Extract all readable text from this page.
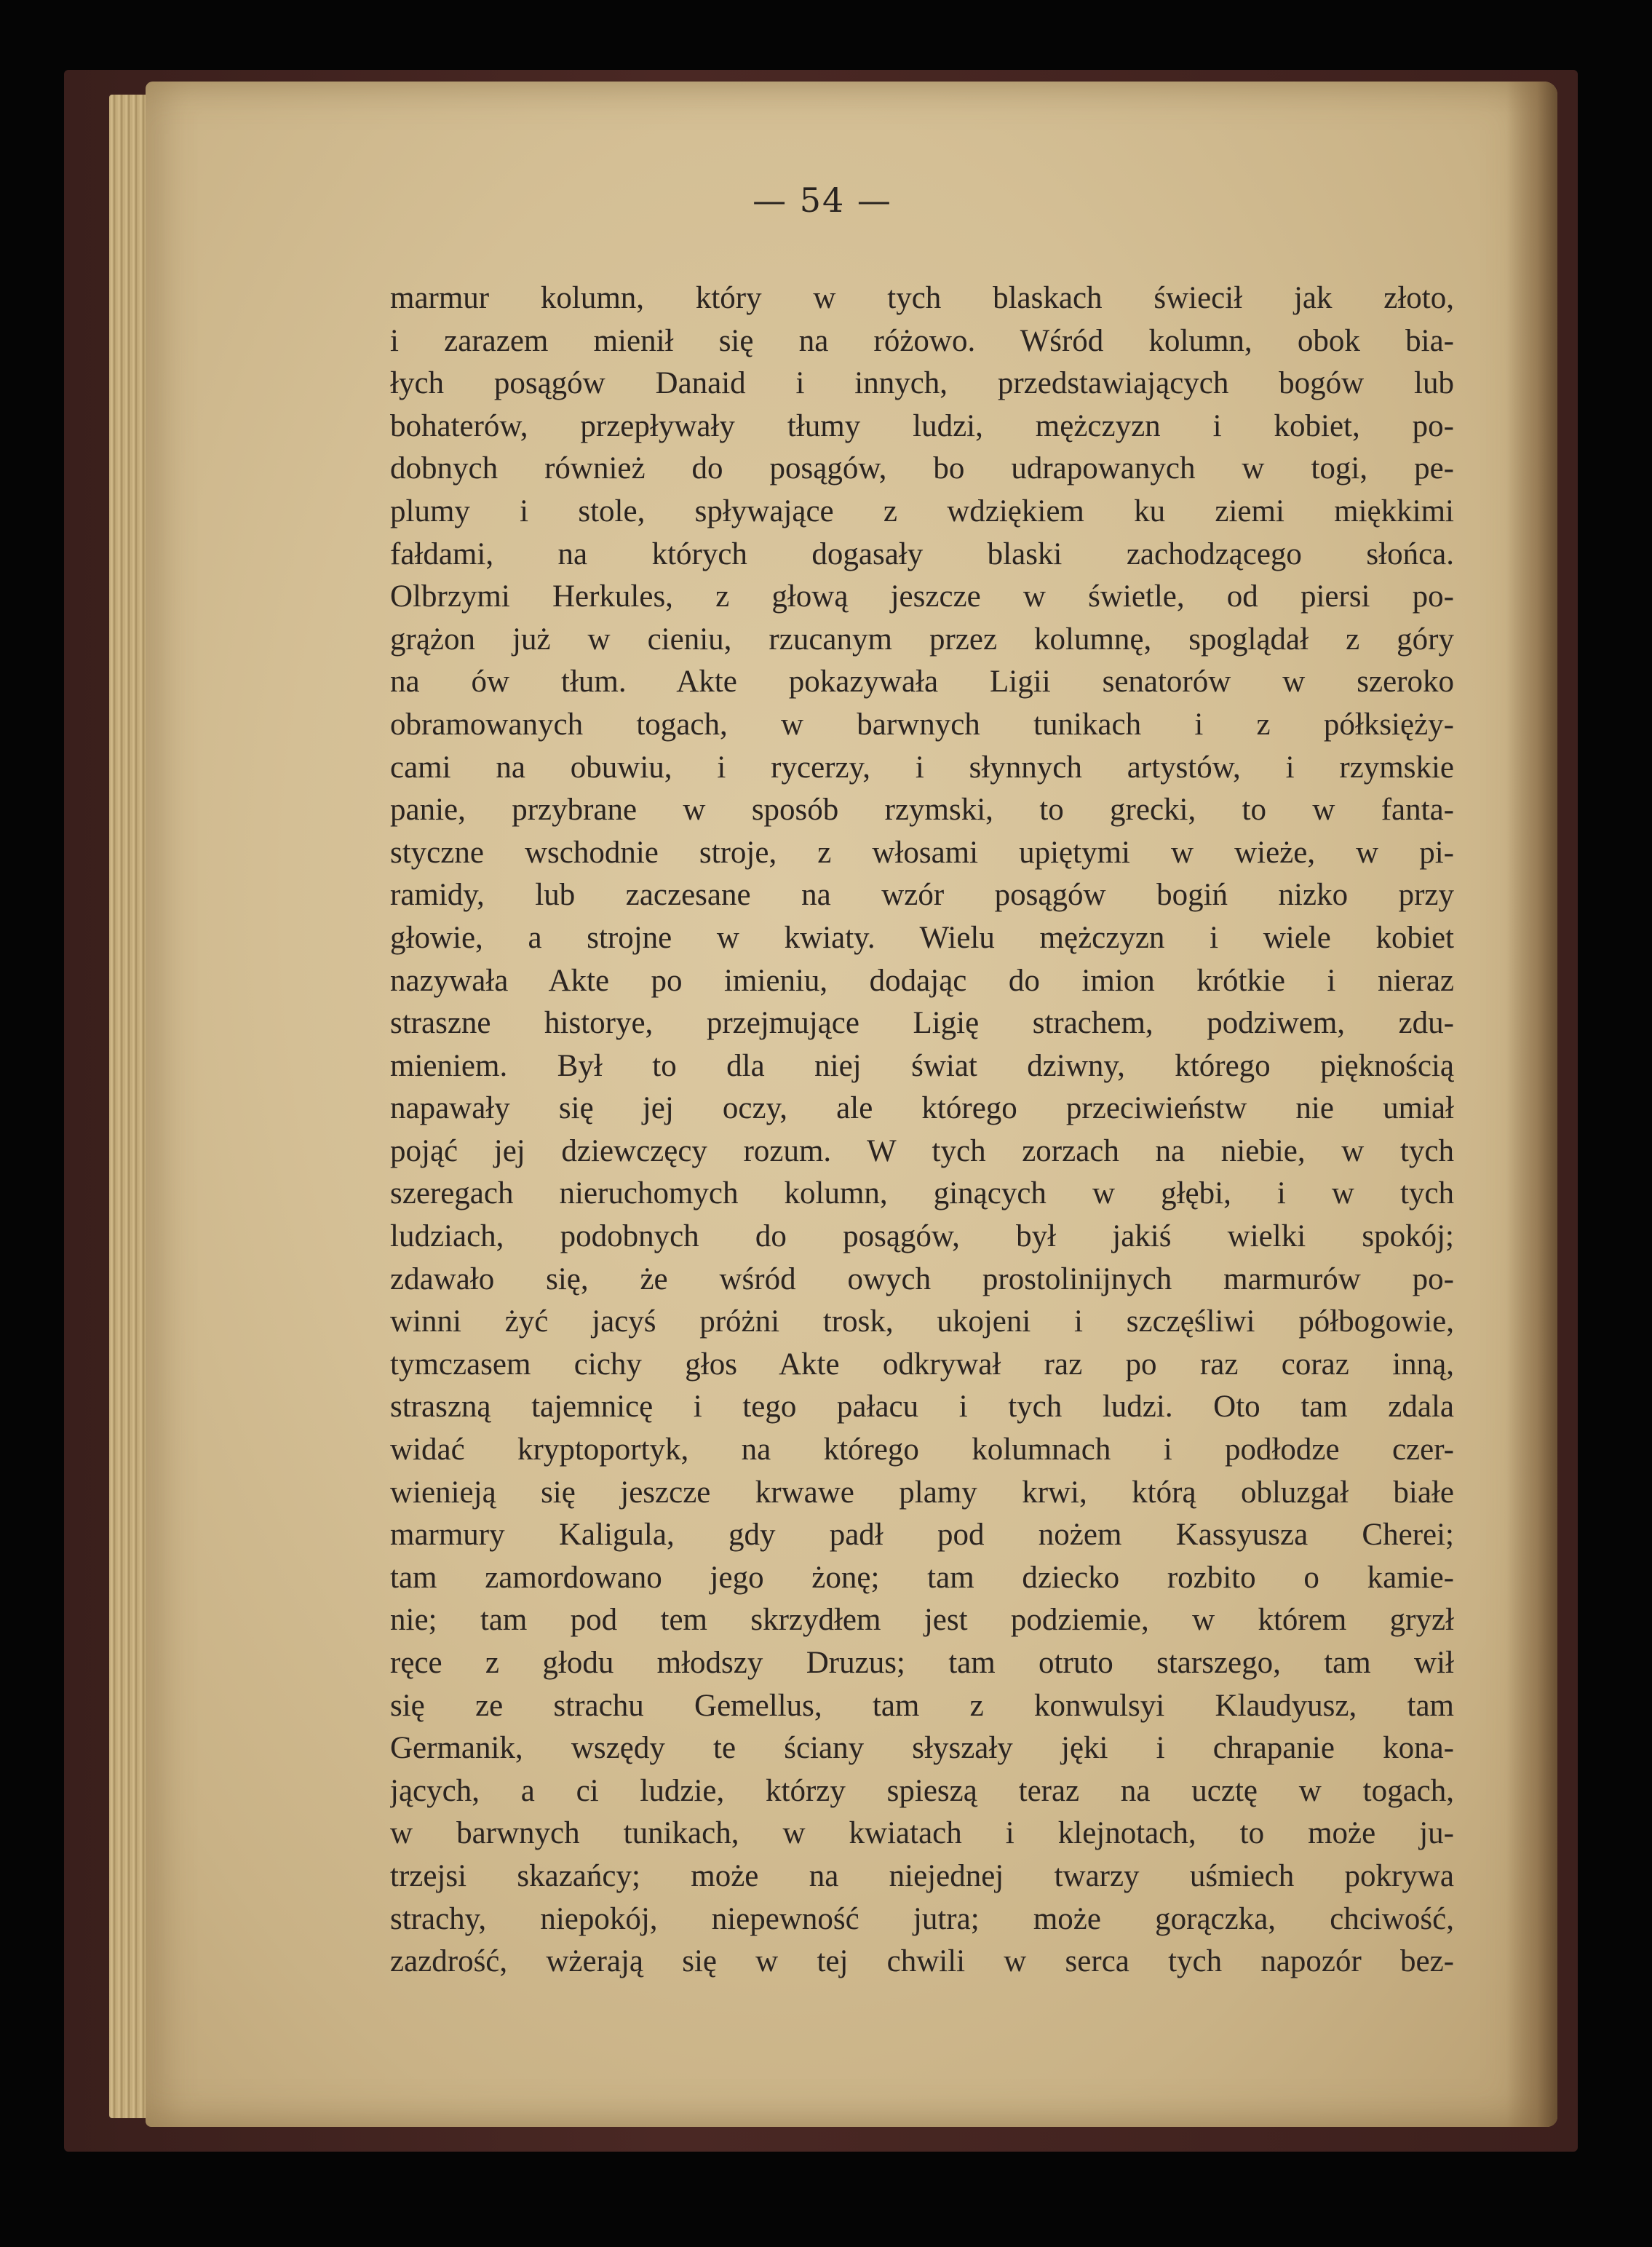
— 54 —
marmur kolumn, który w tych blaskach świecił jak złoto,
i zarazem mienił się na różowo. Wśród kolumn, obok bia-
łych posągów Danaid i innych, przedstawiających bogów lub
bohaterów, przepływały tłumy ludzi, mężczyzn i kobiet, po-
dobnych również do posągów, bo udrapowanych w togi, pe-
plumy i stole, spływające z wdziękiem ku ziemi miękkimi
fałdami, na których dogasały blaski zachodzącego słońca.
Olbrzymi Herkules, z głową jeszcze w świetle, od piersi po-
grążon już w cieniu, rzucanym przez kolumnę, spoglądał z góry
na ów tłum. Akte pokazywała Ligii senatorów w szeroko
obramowanych togach, w barwnych tunikach i z półksięży-
cami na obuwiu, i rycerzy, i słynnych artystów, i rzymskie
panie, przybrane w sposób rzymski, to grecki, to w fanta-
styczne wschodnie stroje, z włosami upiętymi w wieże, w pi-
ramidy, lub zaczesane na wzór posągów bogiń nizko przy
głowie, a strojne w kwiaty. Wielu mężczyzn i wiele kobiet
nazywała Akte po imieniu, dodając do imion krótkie i nieraz
straszne historye, przejmujące Ligię strachem, podziwem, zdu-
mieniem. Był to dla niej świat dziwny, którego pięknością
napawały się jej oczy, ale którego przeciwieństw nie umiał
pojąć jej dziewczęcy rozum. W tych zorzach na niebie, w tych
szeregach nieruchomych kolumn, ginących w głębi, i w tych
ludziach, podobnych do posągów, był jakiś wielki spokój;
zdawało się, że wśród owych prostolinijnych marmurów po-
winni żyć jacyś próżni trosk, ukojeni i szczęśliwi półbogowie,
tymczasem cichy głos Akte odkrywał raz po raz coraz inną,
straszną tajemnicę i tego pałacu i tych ludzi. Oto tam zdala
widać kryptoportyk, na którego kolumnach i podłodze czer-
wienieją się jeszcze krwawe plamy krwi, którą obluzgał białe
marmury Kaligula, gdy padł pod nożem Kassyusza Cherei;
tam zamordowano jego żonę; tam dziecko rozbito o kamie-
nie; tam pod tem skrzydłem jest podziemie, w którem gryzł
ręce z głodu młodszy Druzus; tam otruto starszego, tam wił
się ze strachu Gemellus, tam z konwulsyi Klaudyusz, tam
Germanik, wszędy te ściany słyszały jęki i chrapanie kona-
jących, a ci ludzie, którzy spieszą teraz na ucztę w togach,
w barwnych tunikach, w kwiatach i klejnotach, to może ju-
trzejsi skazańcy; może na niejednej twarzy uśmiech pokrywa
strachy, niepokój, niepewność jutra; może gorączka, chciwość,
zazdrość, wżerają się w tej chwili w serca tych napozór bez-
